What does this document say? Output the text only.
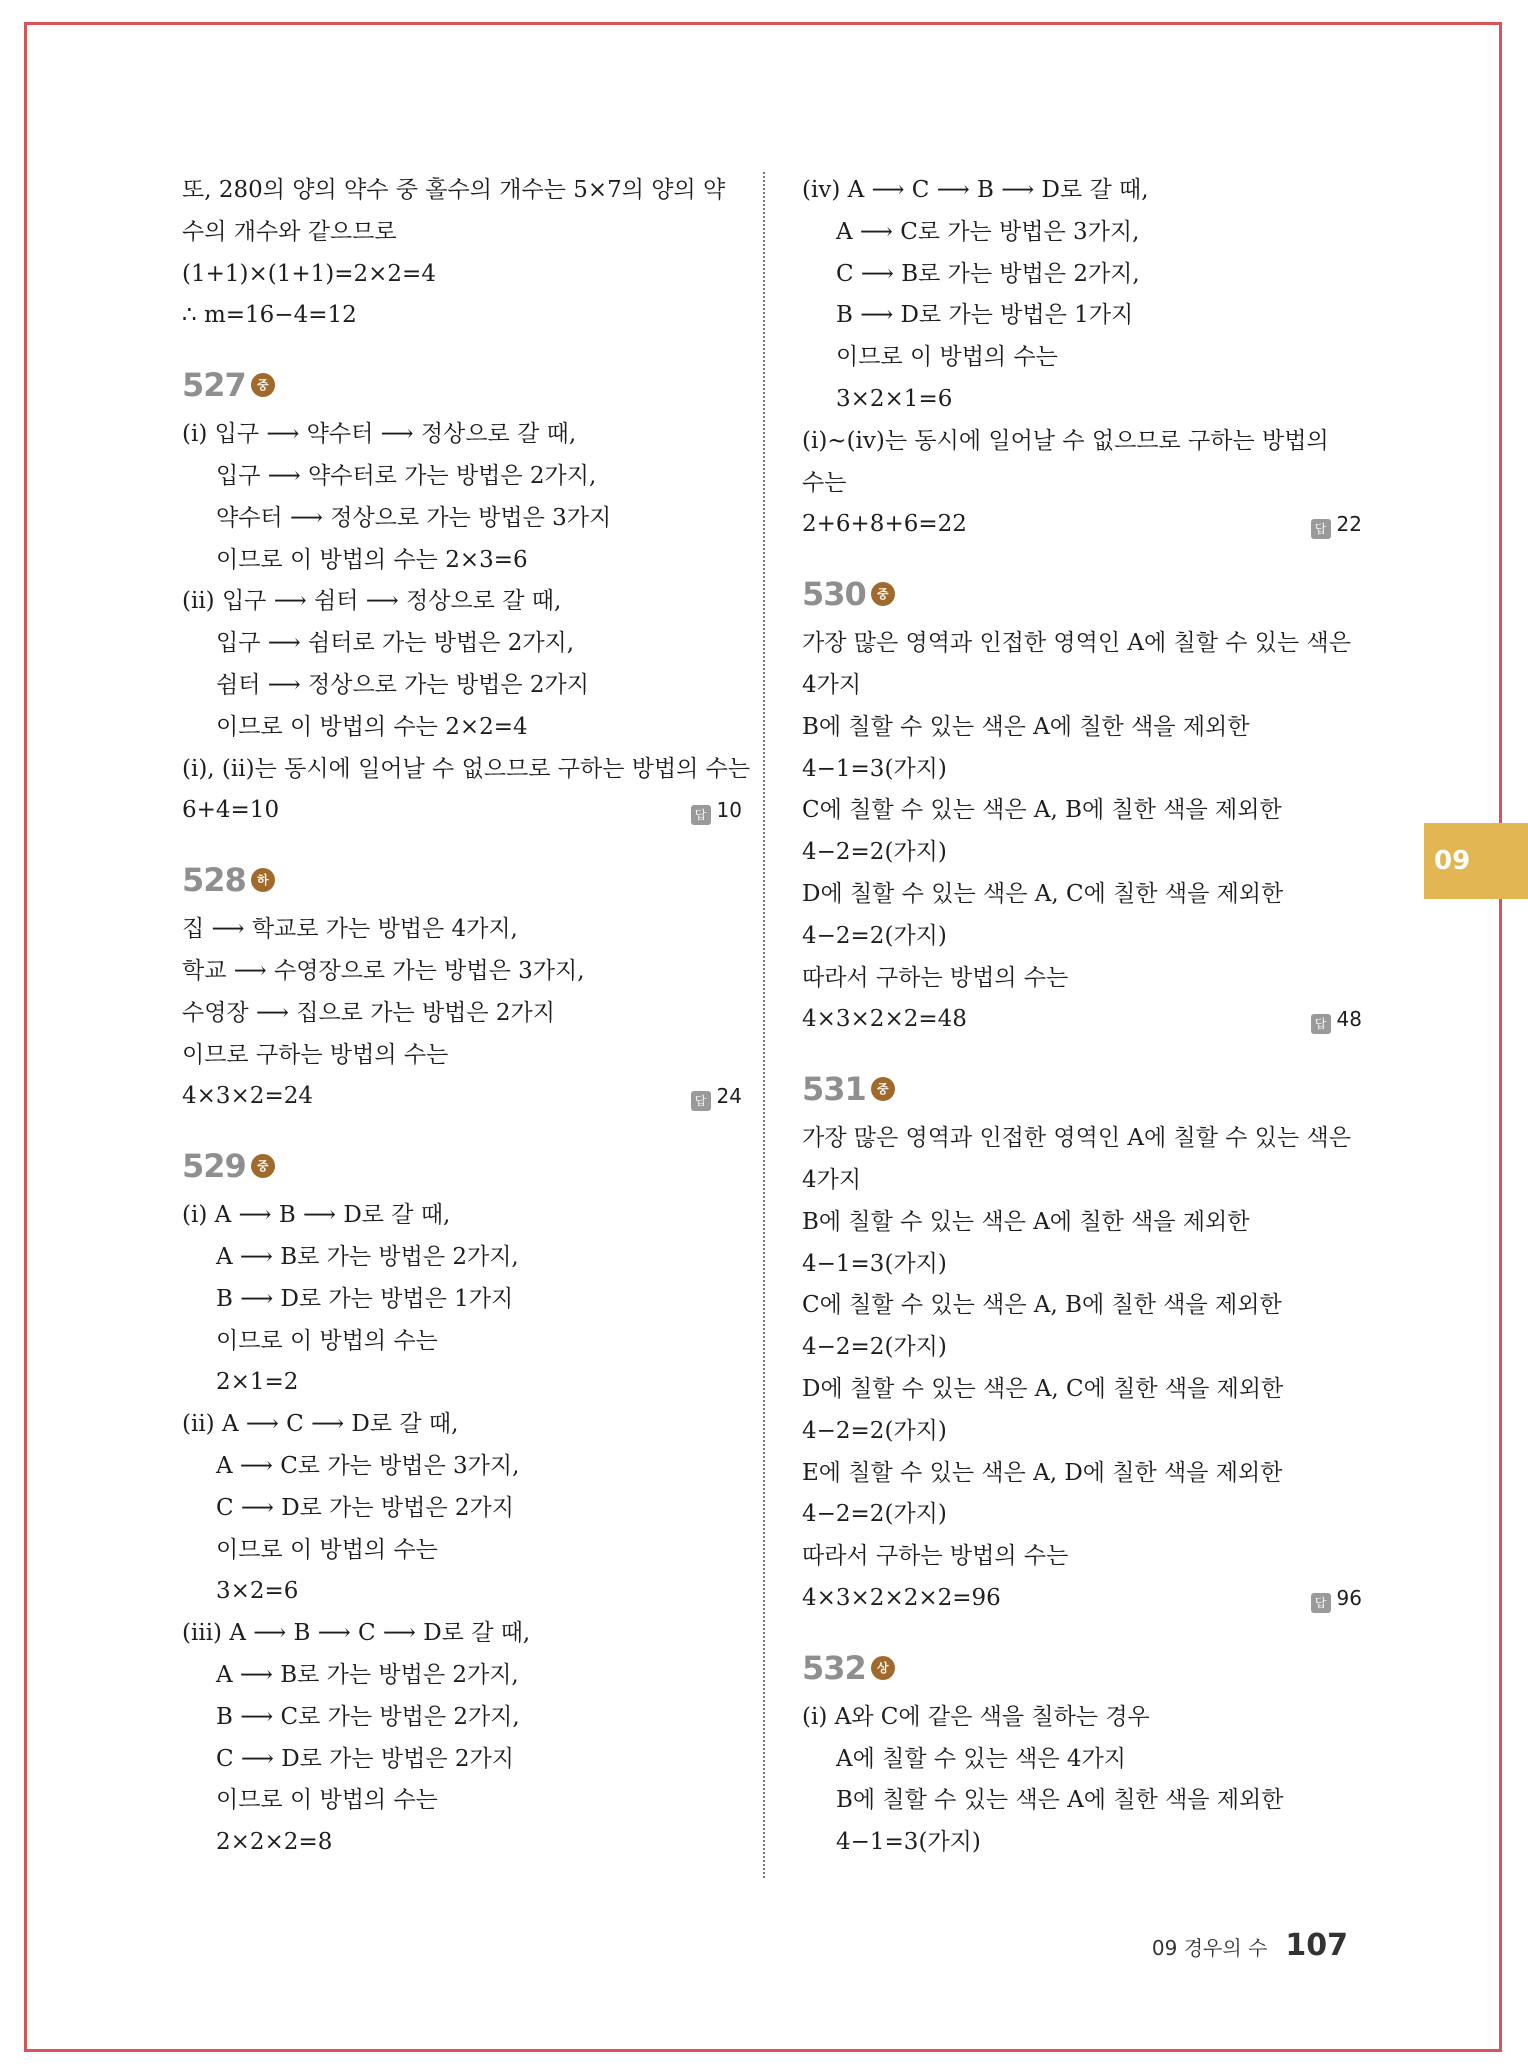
또, 280의 양의 약수 중 홀수의 개수는 5×7의 양의 약
수의 개수와 같으므로
(1+1)×(1+1)=2×2=4
∴ m=16−4=12
527 중
(ⅰ) 입구 ⟶ 약수터 ⟶ 정상으로 갈 때,
입구 ⟶ 약수터로 가는 방법은 2가지,
약수터 ⟶ 정상으로 가는 방법은 3가지
이므로 이 방법의 수는 2×3=6
(ⅱ) 입구 ⟶ 쉼터 ⟶ 정상으로 갈 때,
입구 ⟶ 쉼터로 가는 방법은 2가지,
쉼터 ⟶ 정상으로 가는 방법은 2가지
이므로 이 방법의 수는 2×2=4
(ⅰ), (ⅱ)는 동시에 일어날 수 없으므로 구하는 방법의 수는
6+4=10	답 10
528 하
집 ⟶ 학교로 가는 방법은 4가지,
학교 ⟶ 수영장으로 가는 방법은 3가지,
수영장 ⟶ 집으로 가는 방법은 2가지
이므로 구하는 방법의 수는
4×3×2=24	답 24
529 중
(ⅰ) A ⟶ B ⟶ D로 갈 때,
A ⟶ B로 가는 방법은 2가지,
B ⟶ D로 가는 방법은 1가지
이므로 이 방법의 수는
2×1=2
(ⅱ) A ⟶ C ⟶ D로 갈 때,
A ⟶ C로 가는 방법은 3가지,
C ⟶ D로 가는 방법은 2가지
이므로 이 방법의 수는
3×2=6
(ⅲ) A ⟶ B ⟶ C ⟶ D로 갈 때,
A ⟶ B로 가는 방법은 2가지,
B ⟶ C로 가는 방법은 2가지,
C ⟶ D로 가는 방법은 2가지
이므로 이 방법의 수는
2×2×2=8
(ⅳ) A ⟶ C ⟶ B ⟶ D로 갈 때,
A ⟶ C로 가는 방법은 3가지,
C ⟶ B로 가는 방법은 2가지,
B ⟶ D로 가는 방법은 1가지
이므로 이 방법의 수는
3×2×1=6
(ⅰ)~(ⅳ)는 동시에 일어날 수 없으므로 구하는 방법의
수는
2+6+8+6=22	답 22
530 중
가장 많은 영역과 인접한 영역인 A에 칠할 수 있는 색은
4가지
B에 칠할 수 있는 색은 A에 칠한 색을 제외한
4−1=3(가지)
C에 칠할 수 있는 색은 A, B에 칠한 색을 제외한
4−2=2(가지)
D에 칠할 수 있는 색은 A, C에 칠한 색을 제외한
4−2=2(가지)
따라서 구하는 방법의 수는
4×3×2×2=48	답 48
531 중
가장 많은 영역과 인접한 영역인 A에 칠할 수 있는 색은
4가지
B에 칠할 수 있는 색은 A에 칠한 색을 제외한
4−1=3(가지)
C에 칠할 수 있는 색은 A, B에 칠한 색을 제외한
4−2=2(가지)
D에 칠할 수 있는 색은 A, C에 칠한 색을 제외한
4−2=2(가지)
E에 칠할 수 있는 색은 A, D에 칠한 색을 제외한
4−2=2(가지)
따라서 구하는 방법의 수는
4×3×2×2×2=96	답 96
532 상
(ⅰ) A와 C에 같은 색을 칠하는 경우
A에 칠할 수 있는 색은 4가지
B에 칠할 수 있는 색은 A에 칠한 색을 제외한
4−1=3(가지)
09
09 경우의 수 107
